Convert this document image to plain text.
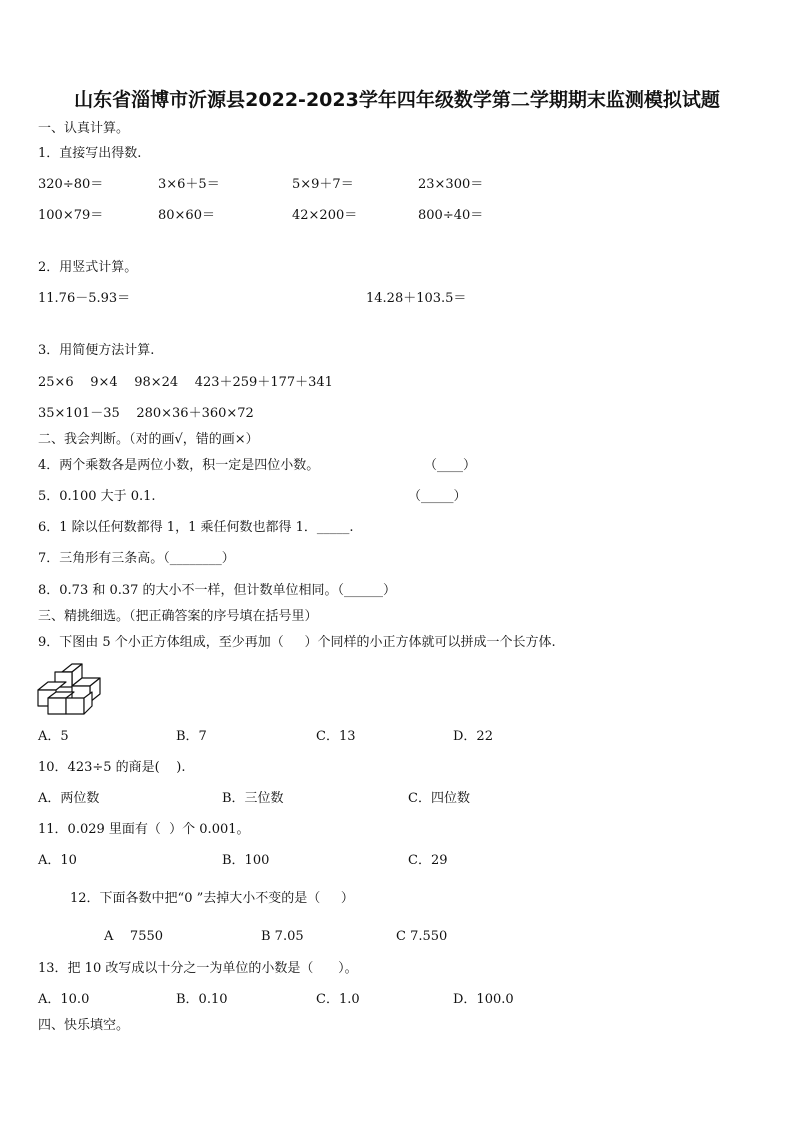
山东省淄博市沂源县2022-2023学年四年级数学第二学期期末监测模拟试题
一、认真计算。
1．直接写出得数.
320÷80＝	3×6＋5＝	5×9＋7＝	23×300＝
100×79＝	80×60＝	42×200＝	800÷40＝
2．用竖式计算。
11.76－5.93＝	14.28＋103.5＝
3．用简便方法计算.
25×6    9×4    98×24    423＋259＋177＋341
35×101－35    280×36＋360×72
二、我会判断。（对的画√，错的画×）
4．两个乘数各是两位小数，积一定是四位小数。	（____）
5．0.100 大于 0.1.	（_____）
6．1 除以任何数都得 1，1 乘任何数也都得 1．_____.
7．三角形有三条高。（________）
8．0.73 和 0.37 的大小不一样，但计数单位相同。（______）
三、精挑细选。（把正确答案的序号填在括号里）
9．下图由 5 个小正方体组成，至少再加（     ）个同样的小正方体就可以拼成一个长方体.
A．5	B．7	C．13	D．22
10．423÷5 的商是(    ).
A．两位数	B．三位数	C．四位数
11．0.029 里面有（  ）个 0.001。
A．10	B．100	C．29
12．下面各数中把“0 ”去掉大小不变的是（     ）
A    7550	B 7.05	C 7.550
13．把 10 改写成以十分之一为单位的小数是（      ）。
A．10.0	B．0.10	C．1.0	D．100.0
四、快乐填空。
